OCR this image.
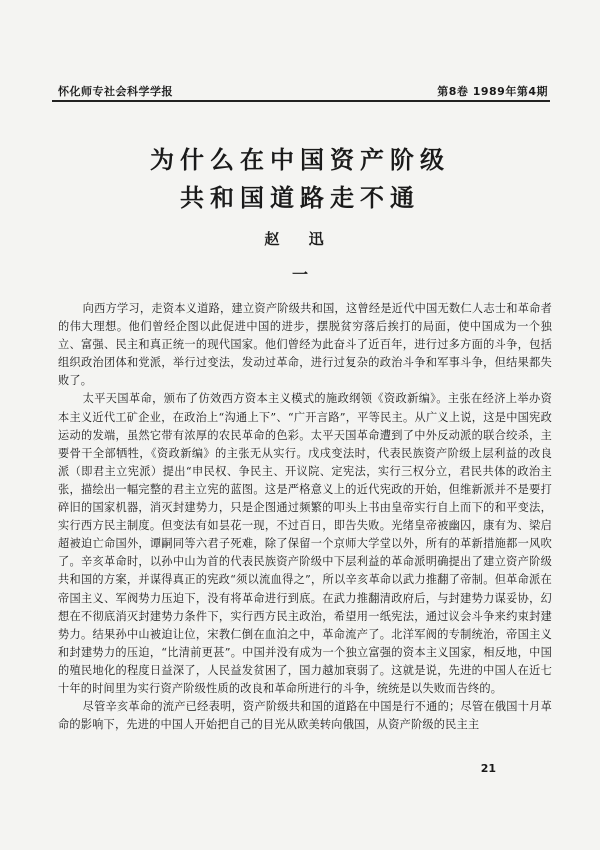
怀化师专社会科学学报	第8卷 1989年第4期
为什么在中国资产阶级
共和国道路走不通
赵 迅
一

向西方学习，走资本义道路，建立资产阶级共和国，这曾经是近代中国无数仁人志士和革命者的伟大理想。他们曾经企图以此促进中国的进步，摆脱贫穷落后挨打的局面，使中国成为一个独立、富强、民主和真正统一的现代国家。他们曾经为此奋斗了近百年，进行过多方面的斗争，包括组织政治团体和党派，举行过变法，发动过革命，进行过复杂的政治斗争和军事斗争，但结果都失败了。

太平天国革命，颁布了仿效西方资本主义模式的施政纲领《资政新编》。主张在经济上举办资本主义近代工矿企业，在政治上“沟通上下”、“广开言路”，平等民主。从广义上说，这是中国宪政运动的发端，虽然它带有浓厚的农民革命的色彩。太平天国革命遭到了中外反动派的联合绞杀，主要骨干全部牺牲，《资政新编》的主张无从实行。戊戌变法时，代表民族资产阶级上层利益的改良派（即君主立宪派）提出“申民权、争民主、开议院、定宪法，实行三权分立，君民共体的政治主张，描绘出一幅完整的君主立宪的蓝图。这是严格意义上的近代宪政的开始，但维新派并不是要打碎旧的国家机器，消灭封建势力，只是企图通过频繁的叩头上书由皇帝实行自上而下的和平变法，实行西方民主制度。但变法有如昙花一现，不过百日，即告失败。光绪皇帝被幽囚，康有为、梁启超被迫亡命国外，谭嗣同等六君子死难，除了保留一个京师大学堂以外，所有的革新措施都一风吹了。辛亥革命时，以孙中山为首的代表民族资产阶级中下层利益的革命派明确提出了建立资产阶级共和国的方案，并谋得真正的宪政“须以流血得之”，所以辛亥革命以武力推翻了帝制。但革命派在帝国主义、军阀势力压迫下，没有将革命进行到底。在武力推翻清政府后，与封建势力谋妥协，幻想在不彻底消灭封建势力条件下，实行西方民主政治，希望用一纸宪法，通过议会斗争来约束封建势力。结果孙中山被迫让位，宋教仁倒在血泊之中，革命流产了。北洋军阀的专制统治，帝国主义和封建势力的压迫，“比清前更甚”。中国并没有成为一个独立富强的资本主义国家，相反地，中国的殖民地化的程度日益深了，人民益发贫困了，国力越加衰弱了。这就是说，先进的中国人在近七十年的时间里为实行资产阶级性质的改良和革命所进行的斗争，统统是以失败而告终的。

尽管辛亥革命的流产已经表明，资产阶级共和国的道路在中国是行不通的；尽管在俄国十月革命的影响下，先进的中国人开始把自己的目光从欧美转向俄国，从资产阶级的民主主

21
